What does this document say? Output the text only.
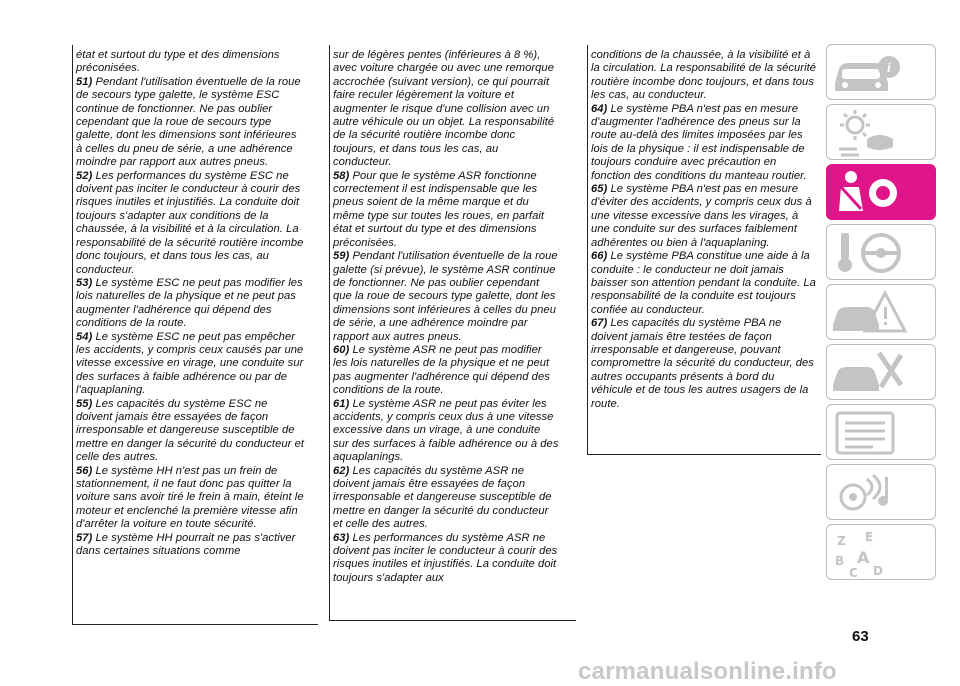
état et surtout du type et des dimensions préconisées.

51) Pendant l'utilisation éventuelle de la roue de secours type galette, le système ESC continue de fonctionner. Ne pas oublier cependant que la roue de secours type galette, dont les dimensions sont inférieures à celles du pneu de série, a une adhérence moindre par rapport aux autres pneus.

52) Les performances du système ESC ne doivent pas inciter le conducteur à courir des risques inutiles et injustifiés. La conduite doit toujours s'adapter aux conditions de la chaussée, à la visibilité et à la circulation. La responsabilité de la sécurité routière incombe donc toujours, et dans tous les cas, au conducteur.

53) Le système ESC ne peut pas modifier les lois naturelles de la physique et ne peut pas augmenter l'adhérence qui dépend des conditions de la route.

54) Le système ESC ne peut pas empêcher les accidents, y compris ceux causés par une vitesse excessive en virage, une conduite sur des surfaces à faible adhérence ou par de l'aquaplaning.

55) Les capacités du système ESC ne doivent jamais être essayées de façon irresponsable et dangereuse susceptible de mettre en danger la sécurité du conducteur et celle des autres.

56) Le système HH n'est pas un frein de stationnement, il ne faut donc pas quitter la voiture sans avoir tiré le frein à main, éteint le moteur et enclenché la première vitesse afin d'arrêter la voiture en toute sécurité.

57) Le système HH pourrait ne pas s'activer dans certaines situations comme

sur de légères pentes (inférieures à 8 %), avec voiture chargée ou avec une remorque accrochée (suivant version), ce qui pourrait faire reculer légèrement la voiture et augmenter le risque d'une collision avec un autre véhicule ou un objet. La responsabilité de la sécurité routière incombe donc toujours, et dans tous les cas, au conducteur.

58) Pour que le système ASR fonctionne correctement il est indispensable que les pneus soient de la même marque et du même type sur toutes les roues, en parfait état et surtout du type et des dimensions préconisées.

59) Pendant l'utilisation éventuelle de la roue galette (si prévue), le système ASR continue de fonctionner. Ne pas oublier cependant que la roue de secours type galette, dont les dimensions sont inférieures à celles du pneu de série, a une adhérence moindre par rapport aux autres pneus.

60) Le système ASR ne peut pas modifier les lois naturelles de la physique et ne peut pas augmenter l'adhérence qui dépend des conditions de la route.

61) Le système ASR ne peut pas éviter les accidents, y compris ceux dus à une vitesse excessive dans un virage, à une conduite sur des surfaces à faible adhérence ou à des aquaplanings.

62) Les capacités du système ASR ne doivent jamais être essayées de façon irresponsable et dangereuse susceptible de mettre en danger la sécurité du conducteur et celle des autres.

63) Les performances du système ASR ne doivent pas inciter le conducteur à courir des risques inutiles et injustifiés. La conduite doit toujours s'adapter aux

conditions de la chaussée, à la visibilité et à la circulation. La responsabilité de la sécurité routière incombe donc toujours, et dans tous les cas, au conducteur.

64) Le système PBA n'est pas en mesure d'augmenter l'adhérence des pneus sur la route au-delà des limites imposées par les lois de la physique : il est indispensable de toujours conduire avec précaution en fonction des conditions du manteau routier.

65) Le système PBA n'est pas en mesure d'éviter des accidents, y compris ceux dus à une vitesse excessive dans les virages, à une conduite sur des surfaces faiblement adhérentes ou bien à l'aquaplaning.

66) Le système PBA constitue une aide à la conduite : le conducteur ne doit jamais baisser son attention pendant la conduite. La responsabilité de la conduite est toujours confiée au conducteur.

67) Les capacités du système PBA ne doivent jamais être testées de façon irresponsable et dangereuse, pouvant compromettre la sécurité du conducteur, des autres occupants présents à bord du véhicule et de tous les autres usagers de la route.

i
Z E
B A
C D
63
carmanualsonline.info
